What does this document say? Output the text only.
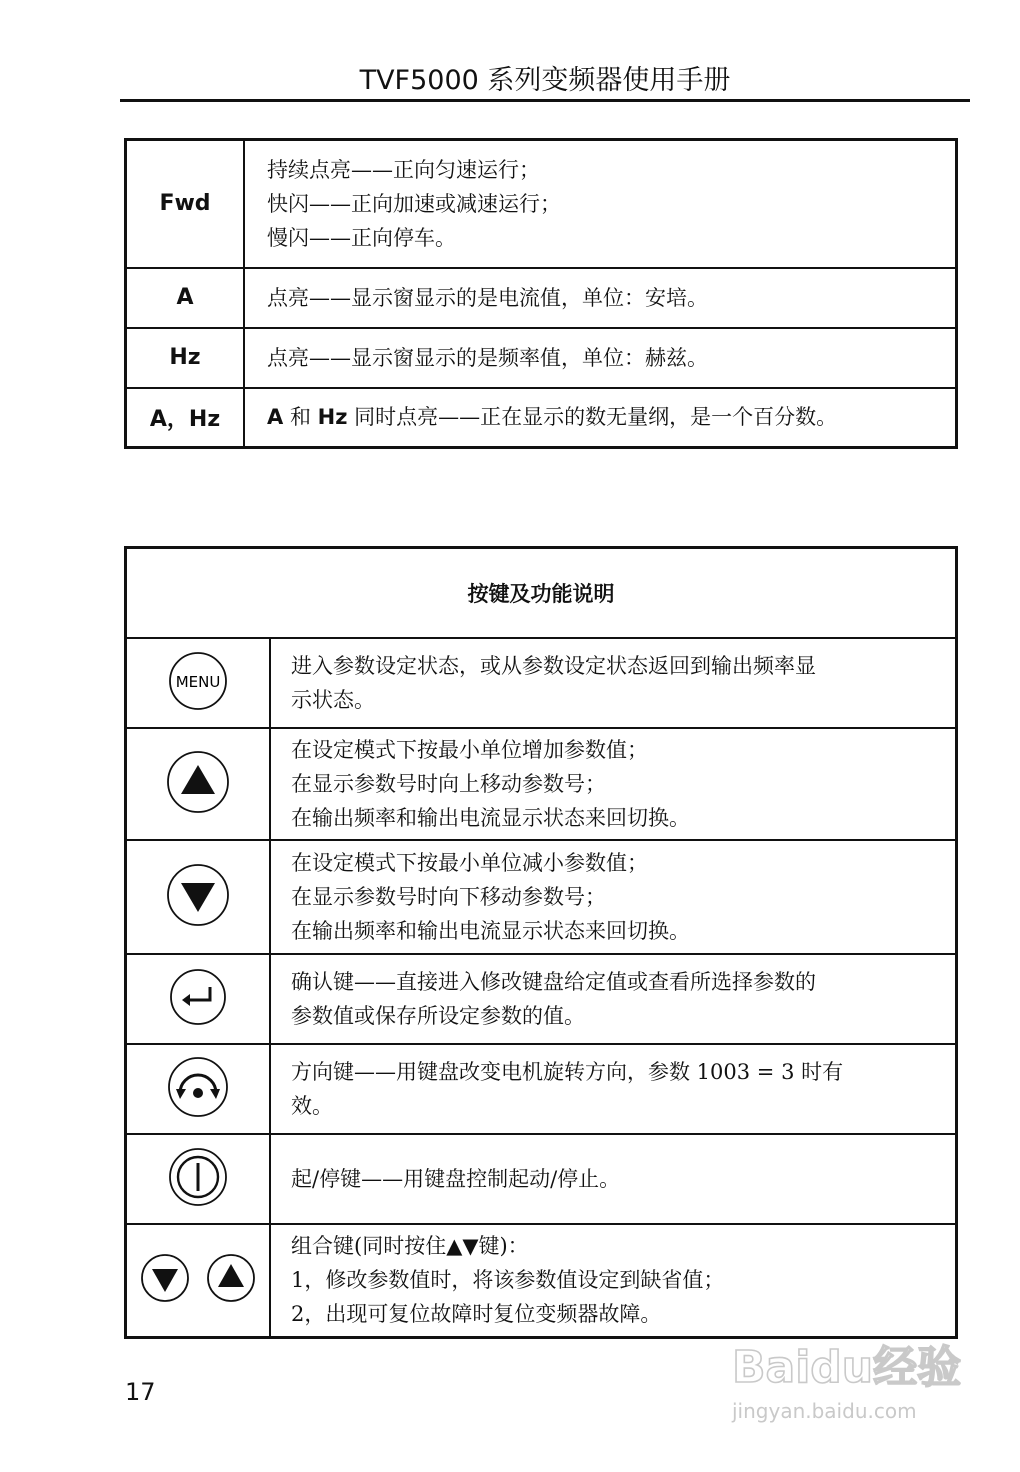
TVF5000 系列变频器使用手册
Fwd	持续点亮——正向匀速运行；
快闪——正向加速或减速运行；
慢闪——正向停车。

A	点亮——显示窗显示的是电流值，单位：安培。
Hz	点亮——显示窗显示的是频率值，单位：赫兹。
A，Hz	A 和 Hz 同时点亮——正在显示的数无量纲，是一个百分数。
按键及功能说明	

MENU	进入参数设定状态，或从参数设定状态返回到输出频率显
示状态。

在设定模式下按最小单位增加参数值；
在显示参数号时向上移动参数号；
在输出频率和输出电流显示状态来回切换。

在设定模式下按最小单位减小参数值；
在显示参数号时向下移动参数号；
在输出频率和输出电流显示状态来回切换。

确认键——直接进入修改键盘给定值或查看所选择参数的
参数值或保存所设定参数的值。

方向键——用键盘改变电机旋转方向，参数 1003 = 3 时有
效。

	起/停键——用键盘控制起动/停止。

组合键(同时按住▲▼键)：
1，修改参数值时，将该参数值设定到缺省值；
2，出现可复位故障时复位变频器故障。
17	Baidu经验
jingyan.baidu.com
